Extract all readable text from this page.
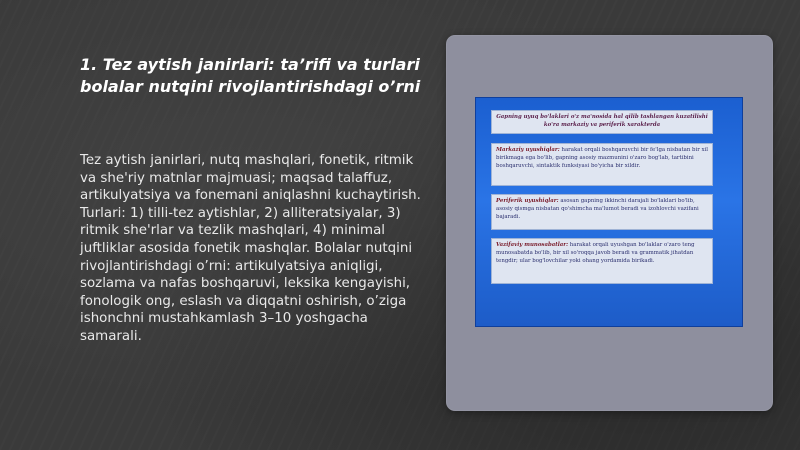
1. Tez aytish janirlari: ta’rifi va turlari
bolalar nutqini rivojlantirishdagi o’rni

Tez aytish janirlari, nutq mashqlari, fonetik, ritmik va she'riy matnlar majmuasi; maqsad talaffuz, artikulyatsiya va fonemani aniqlashni kuchaytirish. Turlari: 1) tilli-tez aytishlar, 2) alliteratsiyalar, 3) ritmik she'rlar va tezlik mashqlari, 4) minimal juftliklar asosida fonetik mashqlar. Bolalar nutqini rivojlantirishdagi o’rni: artikulyatsiya aniqligi, sozlama va nafas boshqaruvi, leksika kengayishi, fonologik ong, eslash va diqqatni oshirish, o’ziga ishonchni mustahkamlash 3–10 yoshgacha samarali.

Gapning uyuq bo'laklari o'z ma'nosida hal qilib tashlangan kuzatilishi ko'ra markaziy va periferik xarakterda
Markaziy uyushiqlar: harakat orqali boshqaruvchi bir fe'lga nisbatan bir xil birikmaga ega bo'lib, gapning asosiy mazmunini o'zaro bog'lab, tartibini boshqaruvchi, sintaktik funksiyasi bo'yicha bir xildir.
Periferik uyushiqlar: asosan gapning ikkinchi darajali bo'laklari bo'lib, asosiy qismga nisbatan qo'shimcha ma'lumot beradi va izohlovchi vazifani bajaradi.
Vazifaviy munosabatlar: harakat orqali uyushgan bo'laklar o'zaro teng munosabatda bo'lib, bir xil so'roqqa javob beradi va grammatik jihatdan tengdir; ular bog'lovchilar yoki ohang yordamida birikadi.
